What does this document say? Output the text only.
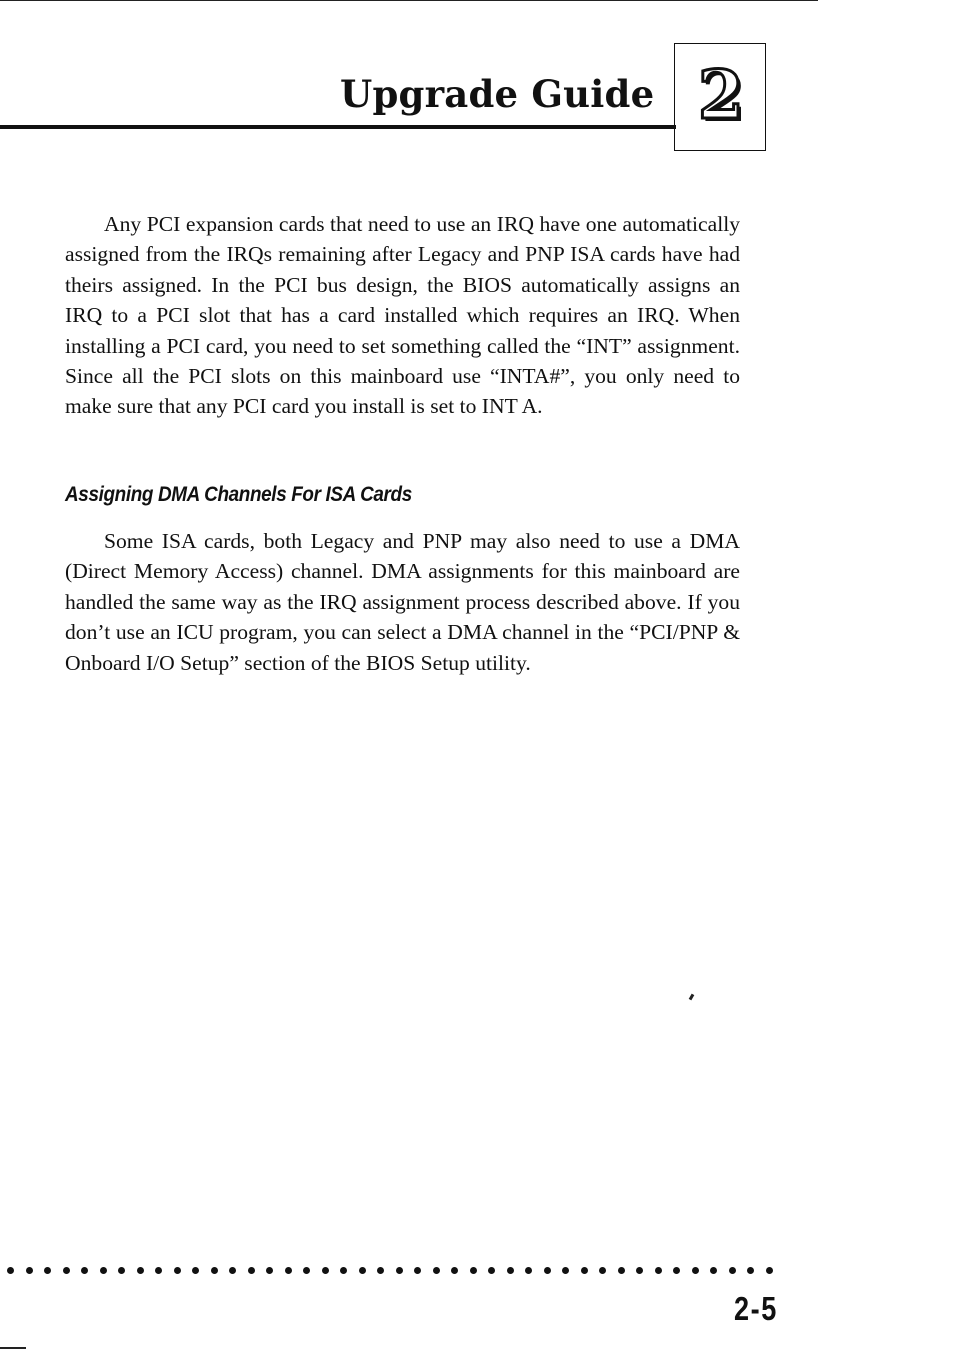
Upgrade Guide 2

Any PCI expansion cards that need to use an IRQ have one automatically assigned from the IRQs remaining after Legacy and PNP ISA cards have had theirs assigned. In the PCI bus design, the BIOS automatically assigns an IRQ to a PCI slot that has a card installed which requires an IRQ. When installing a PCI card, you need to set something called the “INT” assignment. Since all the PCI slots on this mainboard use “INTA#”, you only need to make sure that any PCI card you install is set to INT A.

Assigning DMA Channels For ISA Cards

Some ISA cards, both Legacy and PNP may also need to use a DMA (Direct Memory Access) channel. DMA assignments for this mainboard are handled the same way as the IRQ assignment process described above. If you don’t use an ICU program, you can select a DMA channel in the “PCI/PNP & Onboard I/O Setup” section of the BIOS Setup utility.

2-5
